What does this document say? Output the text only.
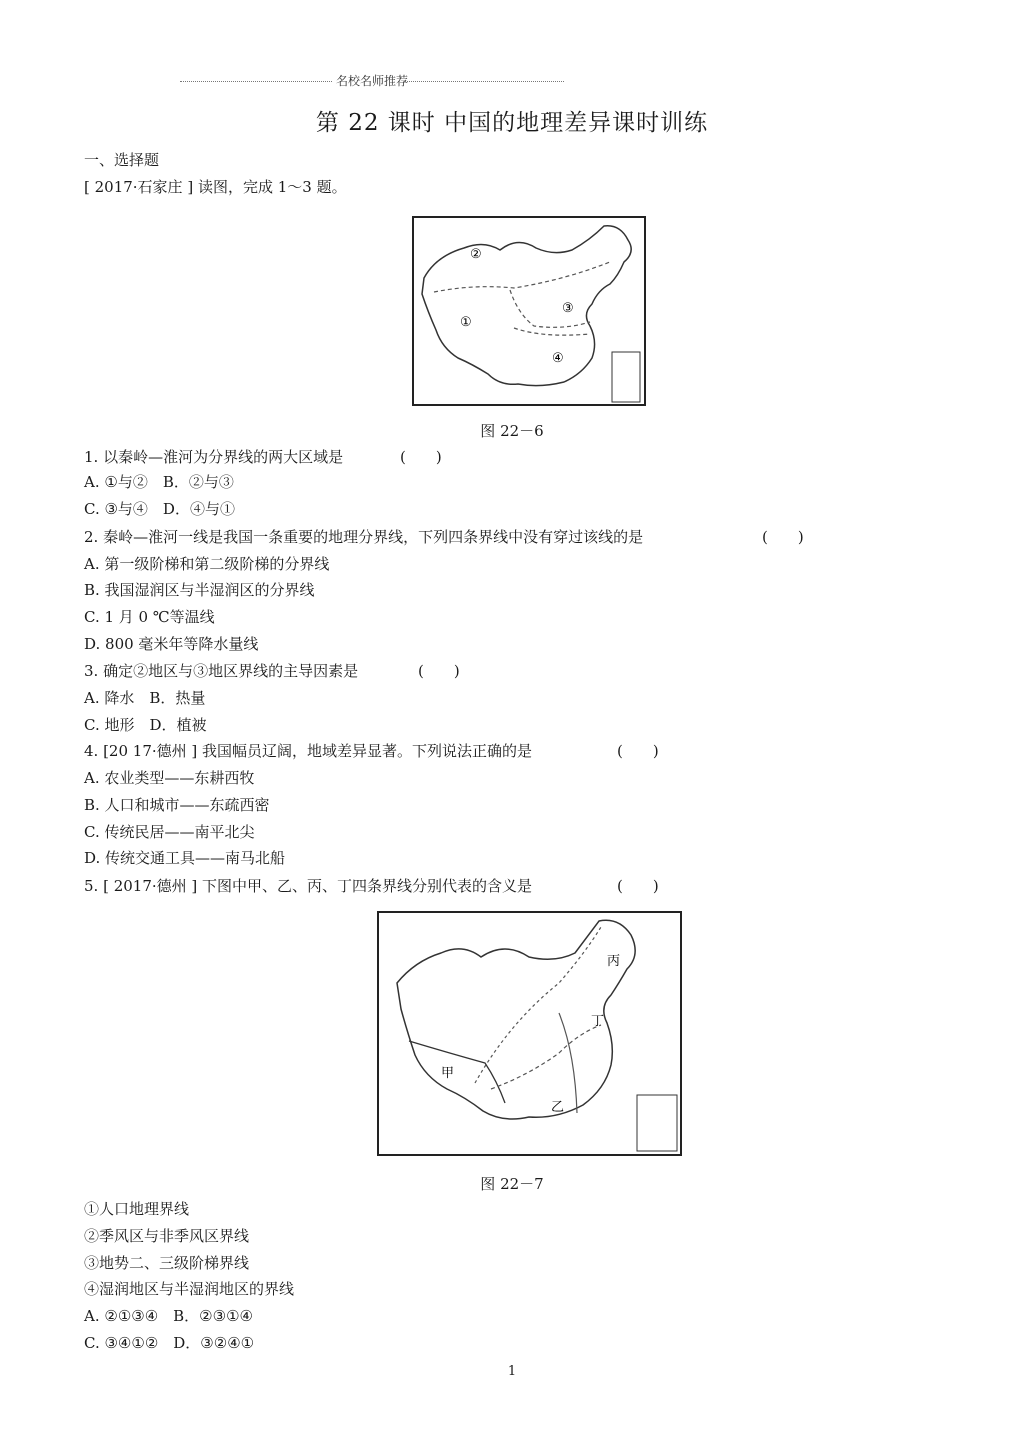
名校名师推荐
第 22 课时 中国的地理差异课时训练
一、选择题
[ 2017·石家庄 ] 读图，完成 1～3 题。
②
①
③
④
图 22－6
1. 以秦岭—淮河为分界线的两大区域是	(　　)
A. ①与②　B．②与③
C. ③与④　D．④与①
2. 秦岭—淮河一线是我国一条重要的地理分界线，下列四条界线中没有穿过该线的是	(　　)
A. 第一级阶梯和第二级阶梯的分界线
B. 我国湿润区与半湿润区的分界线
C. 1 月 0 ℃等温线
D. 800 毫米年等降水量线
3. 确定②地区与③地区界线的主导因素是	(　　)
A. 降水　B．热量
C. 地形　D．植被
4. [20 17·德州 ] 我国幅员辽阔，地域差异显著。下列说法正确的是	(　　)
A. 农业类型——东耕西牧
B. 人口和城市——东疏西密
C. 传统民居——南平北尖
D. 传统交通工具——南马北船
5. [ 2017·德州 ] 下图中甲、乙、丙、丁四条界线分别代表的含义是	(　　)
丙
丁
甲
乙
图 22－7
①人口地理界线
②季风区与非季风区界线
③地势二、三级阶梯界线
④湿润地区与半湿润地区的界线
A. ②①③④　B．②③①④
C. ③④①②　D．③②④①
1
